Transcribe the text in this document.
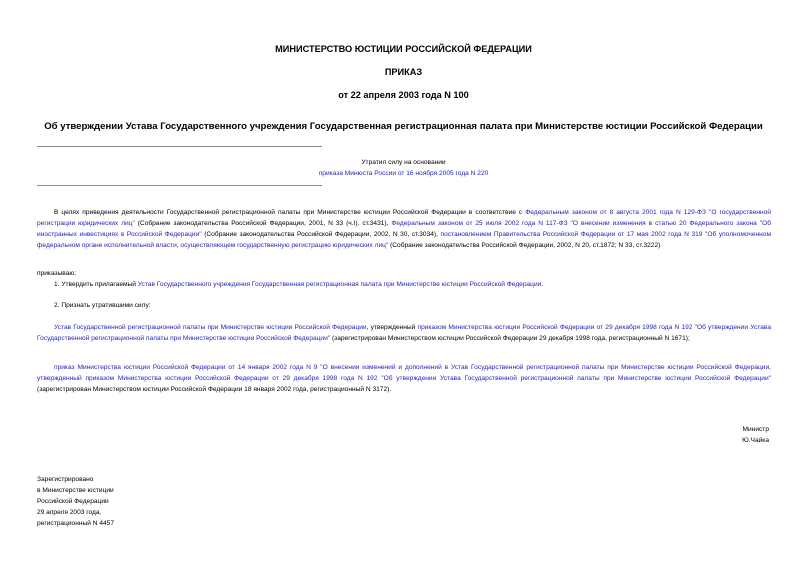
МИНИСТЕРСТВО ЮСТИЦИИ РОССИЙСКОЙ ФЕДЕРАЦИИ
ПРИКАЗ
от 22 апреля 2003 года N 100
Об утверждении Устава Государственного учреждения Государственная регистрационная палата при Министерстве юстиции Российской Федерации
Утратил силу на основании
приказа Минюста России от 16 ноября 2005 года N 220
В целях приведения деятельности Государственной регистрационной палаты при Министерстве юстиции Российской Федерации в соответствие с Федеральным законом от 8 августа 2001 года N 129-ФЗ "О государственной регистрации юридических лиц" (Собрание законодательства Российской Федерации, 2001, N 33 (ч.I), ст.3431), Федеральным законом от 25 июля 2002 года N 117-ФЗ "О внесении изменения в статью 20 Федерального закона "Об иностранных инвестициях в Российской Федерации" (Собрание законодательства Российской Федерации, 2002, N 30, ст.3034), постановлением Правительства Российской Федерации от 17 мая 2002 года N 319 "Об уполномоченном федеральном органе исполнительной власти, осуществляющем государственную регистрацию юридических лиц" (Собрание законодательства Российской Федерации, 2002, N 20, ст.1872; N 33, ст.3222)
приказываю:
1. Утвердить прилагаемый Устав Государственного учреждения Государственная регистрационная палата при Министерстве юстиции Российской Федерации.
2. Признать утратившими силу:
Устав Государственной регистрационной палаты при Министерстве юстиции Российской Федерации, утвержденный приказом Министерства юстиции Российской Федерации от 29 декабря 1998 года N 192 "Об утверждении Устава Государственной регистрационной палаты при Министерстве юстиции Российской Федерации" (зарегистрирован Министерством юстиции Российской Федерации 29 декабря 1998 года, регистрационный N 1671);
приказ Министерства юстиции Российской Федерации от 14 января 2002 года N 9 "О внесении изменений и дополнений в Устав Государственной регистрационной палаты при Министерстве юстиции Российской Федерации, утвержденный приказом Министерства юстиции Российской Федерации от 29 декабря 1998 года N 192 "Об утверждении Устава Государственной регистрационной палаты при Министерстве юстиции Российской Федерации" (зарегистрирован Министерством юстиции Российской Федерации 18 января 2002 года, регистрационный N 3172).
Министр
Ю.Чайка
Зарегистрировано
в Министерстве юстиции
Российской Федерации
29 апреля 2003 года,
регистрационный N 4457
